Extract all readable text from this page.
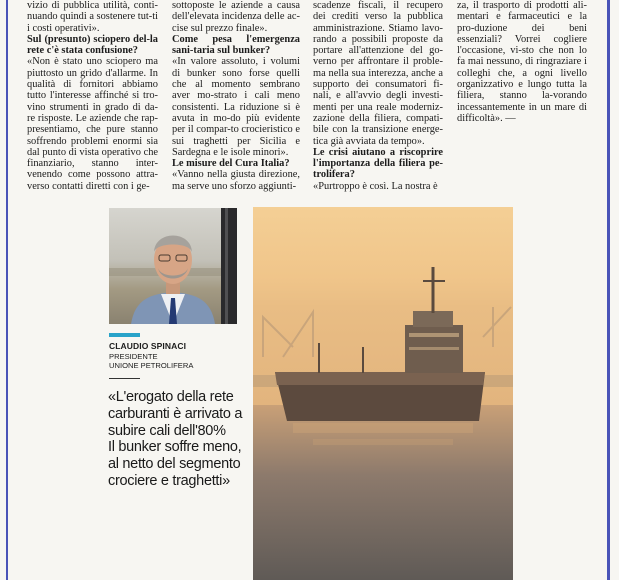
vizio di pubblica utilità, conti-nuando quindi a sostenere tut-ti i costi operativi».

Sul (presunto) sciopero del-la rete c'è stata confusione?

«Non è stato uno sciopero ma piuttosto un grido d'allarme. In qualità di fornitori abbiamo tutto l'interesse affinché si tro-vino strumenti in grado di da-re risposte. Le aziende che rap-presentiamo, che pure stanno soffrendo problemi enormi sia dal punto di vista operativo che finanziario, stanno inter-venendo come possono attra-verso contatti diretti con i ge-

sottoposte le aziende a causa dell'elevata incidenza delle ac-cise sul prezzo finale».

Come pesa l'emergenza sani-taria sul bunker?

«In valore assoluto, i volumi di bunker sono forse quelli che al momento sembrano aver mo-strato i cali meno consistenti. La riduzione si è avuta in mo-do più evidente per il compar-to crocieristico e sui traghetti per Sicilia e Sardegna e le isole minori».

Le misure del Cura Italia?

«Vanno nella giusta direzione, ma serve uno sforzo aggiunti-

scadenze fiscali, il recupero dei crediti verso la pubblica amministrazione. Stiamo lavo-rando a possibili proposte da portare all'attenzione del go-verno per affrontare il proble-ma nella sua interezza, anche a supporto dei consumatori fi-nali, e all'avvio degli investi-menti per una reale moderniz-zazione della filiera, compati-bile con la transizione energe-tica già avviata da tempo».

Le crisi aiutano a riscoprire l'importanza della filiera pe-trolifera?

«Purtroppo è così. La nostra è

za, il trasporto di prodotti ali-mentari e farmaceutici e la pro-duzione dei beni essenziali? Vorrei cogliere l'occasione, vi-sto che non lo fa mai nessuno, di ringraziare i colleghi che, a ogni livello organizzativo e lungo tutta la filiera, stanno la-vorando incessantemente in un mare di difficoltà». —

CLAUDIO SPINACI
PRESIDENTE
UNIONE PETROLIFERA
«L'erogato della rete
carburanti è arrivato a
subire cali dell'80%
Il bunker soffre meno,
al netto del segmento
crociere e traghetti»
